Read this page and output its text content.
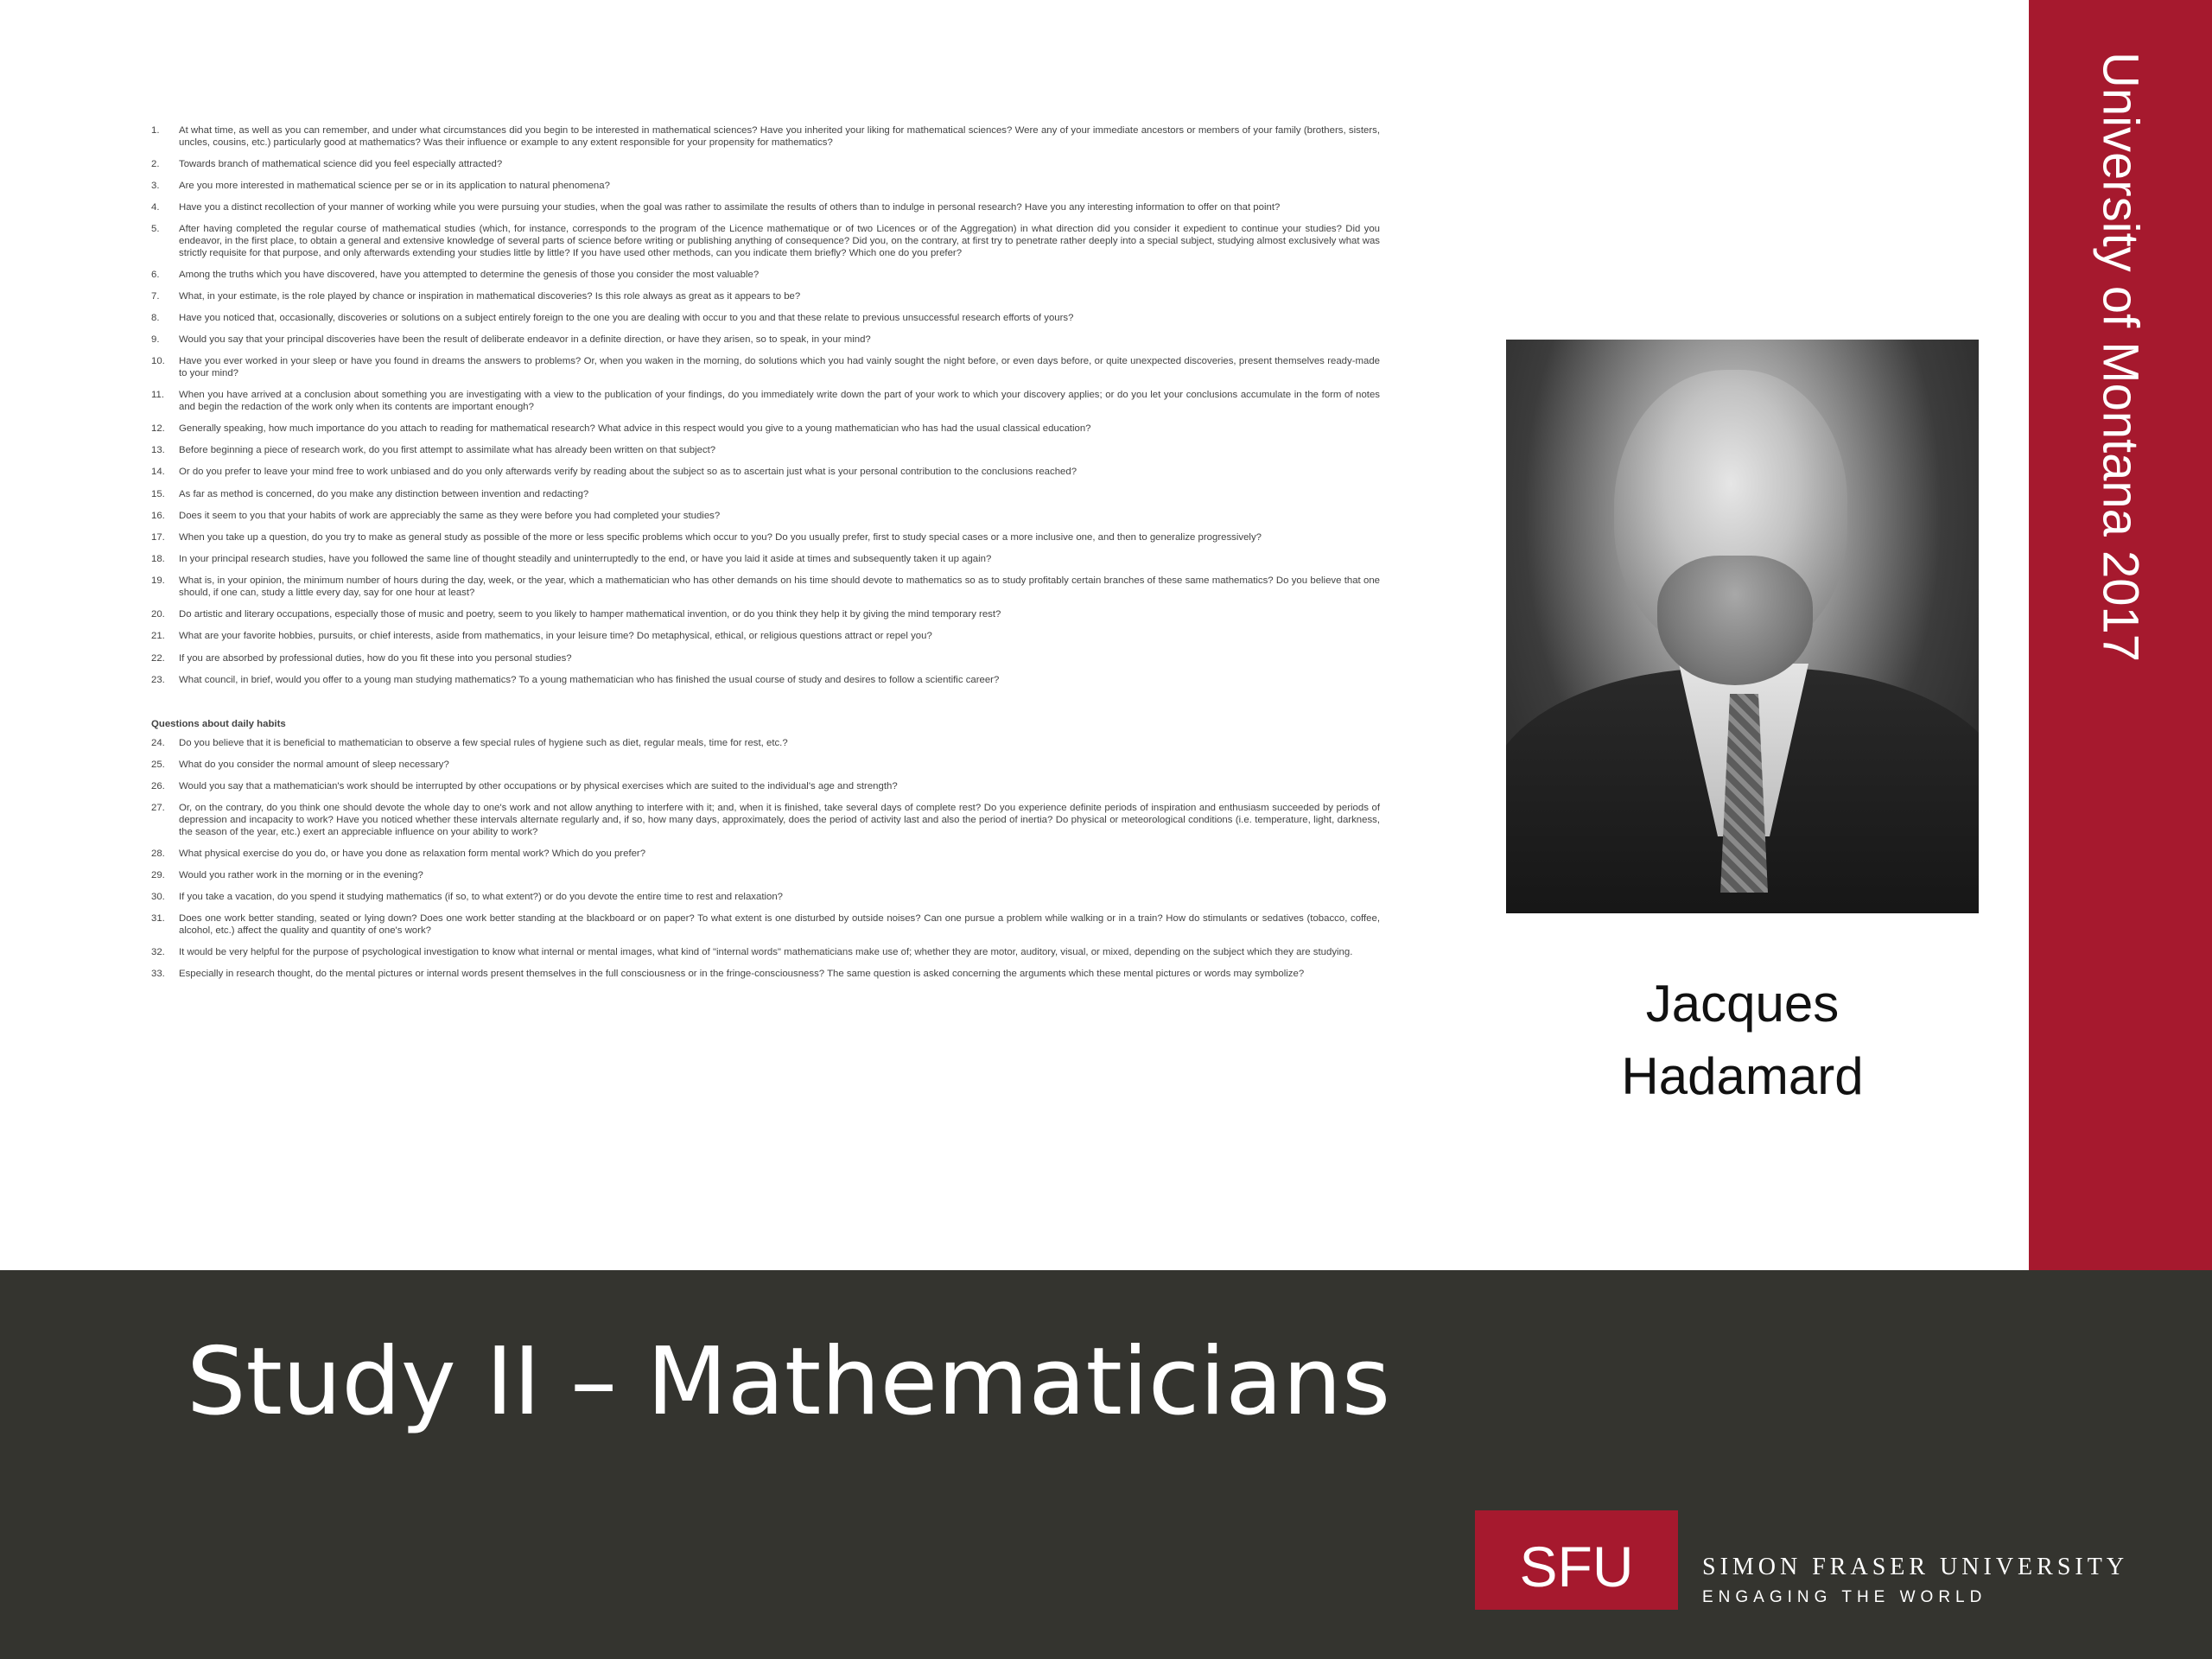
University of Montana 2017
1. At what time, as well as you can remember, and under what circumstances did you begin to be interested in mathematical sciences? Have you inherited your liking for mathematical sciences? Were any of your immediate ancestors or members of your family (brothers, sisters, uncles, cousins, etc.) particularly good at mathematics? Was their influence or example to any extent responsible for your propensity for mathematics?
2. Towards branch of mathematical science did you feel especially attracted?
3. Are you more interested in mathematical science per se or in its application to natural phenomena?
4. Have you a distinct recollection of your manner of working while you were pursuing your studies, when the goal was rather to assimilate the results of others than to indulge in personal research? Have you any interesting information to offer on that point?
5. After having completed the regular course of mathematical studies (which, for instance, corresponds to the program of the Licence mathematique or of two Licences or of the Aggregation) in what direction did you consider it expedient to continue your studies? Did you endeavor, in the first place, to obtain a general and extensive knowledge of several parts of science before writing or publishing anything of consequence? Did you, on the contrary, at first try to penetrate rather deeply into a special subject, studying almost exclusively what was strictly requisite for that purpose, and only afterwards extending your studies little by little? If you have used other methods, can you indicate them briefly? Which one do you prefer?
6. Among the truths which you have discovered, have you attempted to determine the genesis of those you consider the most valuable?
7. What, in your estimate, is the role played by chance or inspiration in mathematical discoveries? Is this role always as great as it appears to be?
8. Have you noticed that, occasionally, discoveries or solutions on a subject entirely foreign to the one you are dealing with occur to you and that these relate to previous unsuccessful research efforts of yours?
9. Would you say that your principal discoveries have been the result of deliberate endeavor in a definite direction, or have they arisen, so to speak, in your mind?
10. Have you ever worked in your sleep or have you found in dreams the answers to problems? Or, when you waken in the morning, do solutions which you had vainly sought the night before, or even days before, or quite unexpected discoveries, present themselves ready-made to your mind?
11. When you have arrived at a conclusion about something you are investigating with a view to the publication of your findings, do you immediately write down the part of your work to which your discovery applies; or do you let your conclusions accumulate in the form of notes and begin the redaction of the work only when its contents are important enough?
12. Generally speaking, how much importance do you attach to reading for mathematical research? What advice in this respect would you give to a young mathematician who has had the usual classical education?
13. Before beginning a piece of research work, do you first attempt to assimilate what has already been written on that subject?
14. Or do you prefer to leave your mind free to work unbiased and do you only afterwards verify by reading about the subject so as to ascertain just what is your personal contribution to the conclusions reached?
15. As far as method is concerned, do you make any distinction between invention and redacting?
16. Does it seem to you that your habits of work are appreciably the same as they were before you had completed your studies?
17. When you take up a question, do you try to make as general study as possible of the more or less specific problems which occur to you? Do you usually prefer, first to study special cases or a more inclusive one, and then to generalize progressively?
18. In your principal research studies, have you followed the same line of thought steadily and uninterruptedly to the end, or have you laid it aside at times and subsequently taken it up again?
19. What is, in your opinion, the minimum number of hours during the day, week, or the year, which a mathematician who has other demands on his time should devote to mathematics so as to study profitably certain branches of these same mathematics? Do you believe that one should, if one can, study a little every day, say for one hour at least?
20. Do artistic and literary occupations, especially those of music and poetry, seem to you likely to hamper mathematical invention, or do you think they help it by giving the mind temporary rest?
21. What are your favorite hobbies, pursuits, or chief interests, aside from mathematics, in your leisure time? Do metaphysical, ethical, or religious questions attract or repel you?
22. If you are absorbed by professional duties, how do you fit these into you personal studies?
23. What council, in brief, would you offer to a young man studying mathematics? To a young mathematician who has finished the usual course of study and desires to follow a scientific career?
Questions about daily habits
24. Do you believe that it is beneficial to mathematician to observe a few special rules of hygiene such as diet, regular meals, time for rest, etc.?
25. What do you consider the normal amount of sleep necessary?
26. Would you say that a mathematician's work should be interrupted by other occupations or by physical exercises which are suited to the individual's age and strength?
27. Or, on the contrary, do you think one should devote the whole day to one's work and not allow anything to interfere with it; and, when it is finished, take several days of complete rest? Do you experience definite periods of inspiration and enthusiasm succeeded by periods of depression and incapacity to work? Have you noticed whether these intervals alternate regularly and, if so, how many days, approximately, does the period of activity last and also the period of inertia? Do physical or meteorological conditions (i.e. temperature, light, darkness, the season of the year, etc.) exert an appreciable influence on your ability to work?
28. What physical exercise do you do, or have you done as relaxation form mental work? Which do you prefer?
29. Would you rather work in the morning or in the evening?
30. If you take a vacation, do you spend it studying mathematics (if so, to what extent?) or do you devote the entire time to rest and relaxation?
31. Does one work better standing, seated or lying down? Does one work better standing at the blackboard or on paper? To what extent is one disturbed by outside noises? Can one pursue a problem while walking or in a train? How do stimulants or sedatives (tobacco, coffee, alcohol, etc.) affect the quality and quantity of one's work?
32. It would be very helpful for the purpose of psychological investigation to know what internal or mental images, what kind of "internal words" mathematicians make use of; whether they are motor, auditory, visual, or mixed, depending on the subject which they are studying.
33. Especially in research thought, do the mental pictures or internal words present themselves in the full consciousness or in the fringe-consciousness? The same question is asked concerning the arguments which these mental pictures or words may symbolize?
Jacques
Hadamard
Study II – Mathematicians
SFU	SIMON FRASER UNIVERSITY
ENGAGING THE WORLD
